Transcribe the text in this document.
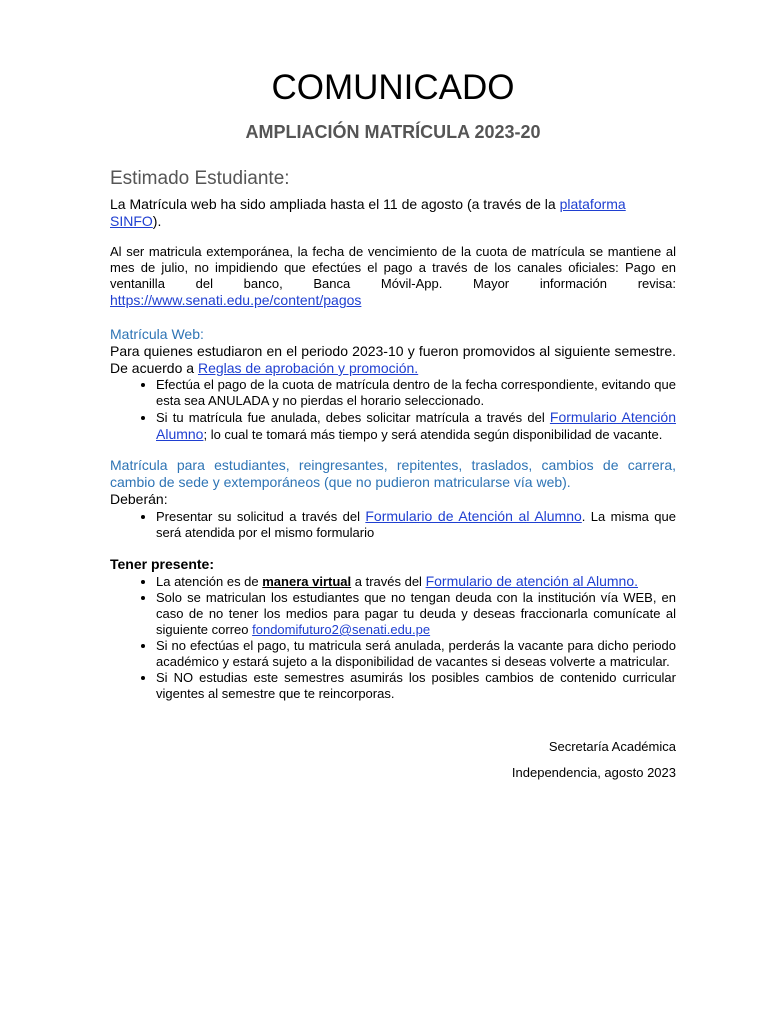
COMUNICADO
AMPLIACIÓN MATRÍCULA 2023-20
Estimado Estudiante:

La Matrícula web ha sido ampliada hasta el 11 de agosto (a través de la plataforma SINFO).

Al ser matricula extemporánea, la fecha de vencimiento de la cuota de matrícula se mantiene al mes de julio, no impidiendo que efectúes el pago a través de los canales oficiales: Pago en ventanilla del banco, Banca Móvil-App. Mayor información revisa: https://www.senati.edu.pe/content/pagos

Matrícula Web:

Para quienes estudiaron en el periodo 2023-10 y fueron promovidos al siguiente semestre. De acuerdo a Reglas de aprobación y promoción.

• Efectúa el pago de la cuota de matrícula dentro de la fecha correspondiente, evitando que esta sea ANULADA y no pierdas el horario seleccionado.
• Si tu matrícula fue anulada, debes solicitar matrícula a través del Formulario Atención Alumno; lo cual te tomará más tiempo y será atendida según disponibilidad de vacante.

Matrícula para estudiantes, reingresantes, repitentes, traslados, cambios de carrera, cambio de sede y extemporáneos (que no pudieron matricularse vía web).

Deberán:

• Presentar su solicitud a través del Formulario de Atención al Alumno. La misma que será atendida por el mismo formulario

Tener presente:

• La atención es de manera virtual a través del Formulario de atención al Alumno.
• Solo se matriculan los estudiantes que no tengan deuda con la institución vía WEB, en caso de no tener los medios para pagar tu deuda y deseas fraccionarla comunícate al siguiente correo fondomifuturo2@senati.edu.pe
• Si no efectúas el pago, tu matricula será anulada, perderás la vacante para dicho periodo académico y estará sujeto a la disponibilidad de vacantes si deseas volverte a matricular.
• Si NO estudias este semestres asumirás los posibles cambios de contenido curricular vigentes al semestre que te reincorporas.

Secretaría Académica

Independencia, agosto 2023
